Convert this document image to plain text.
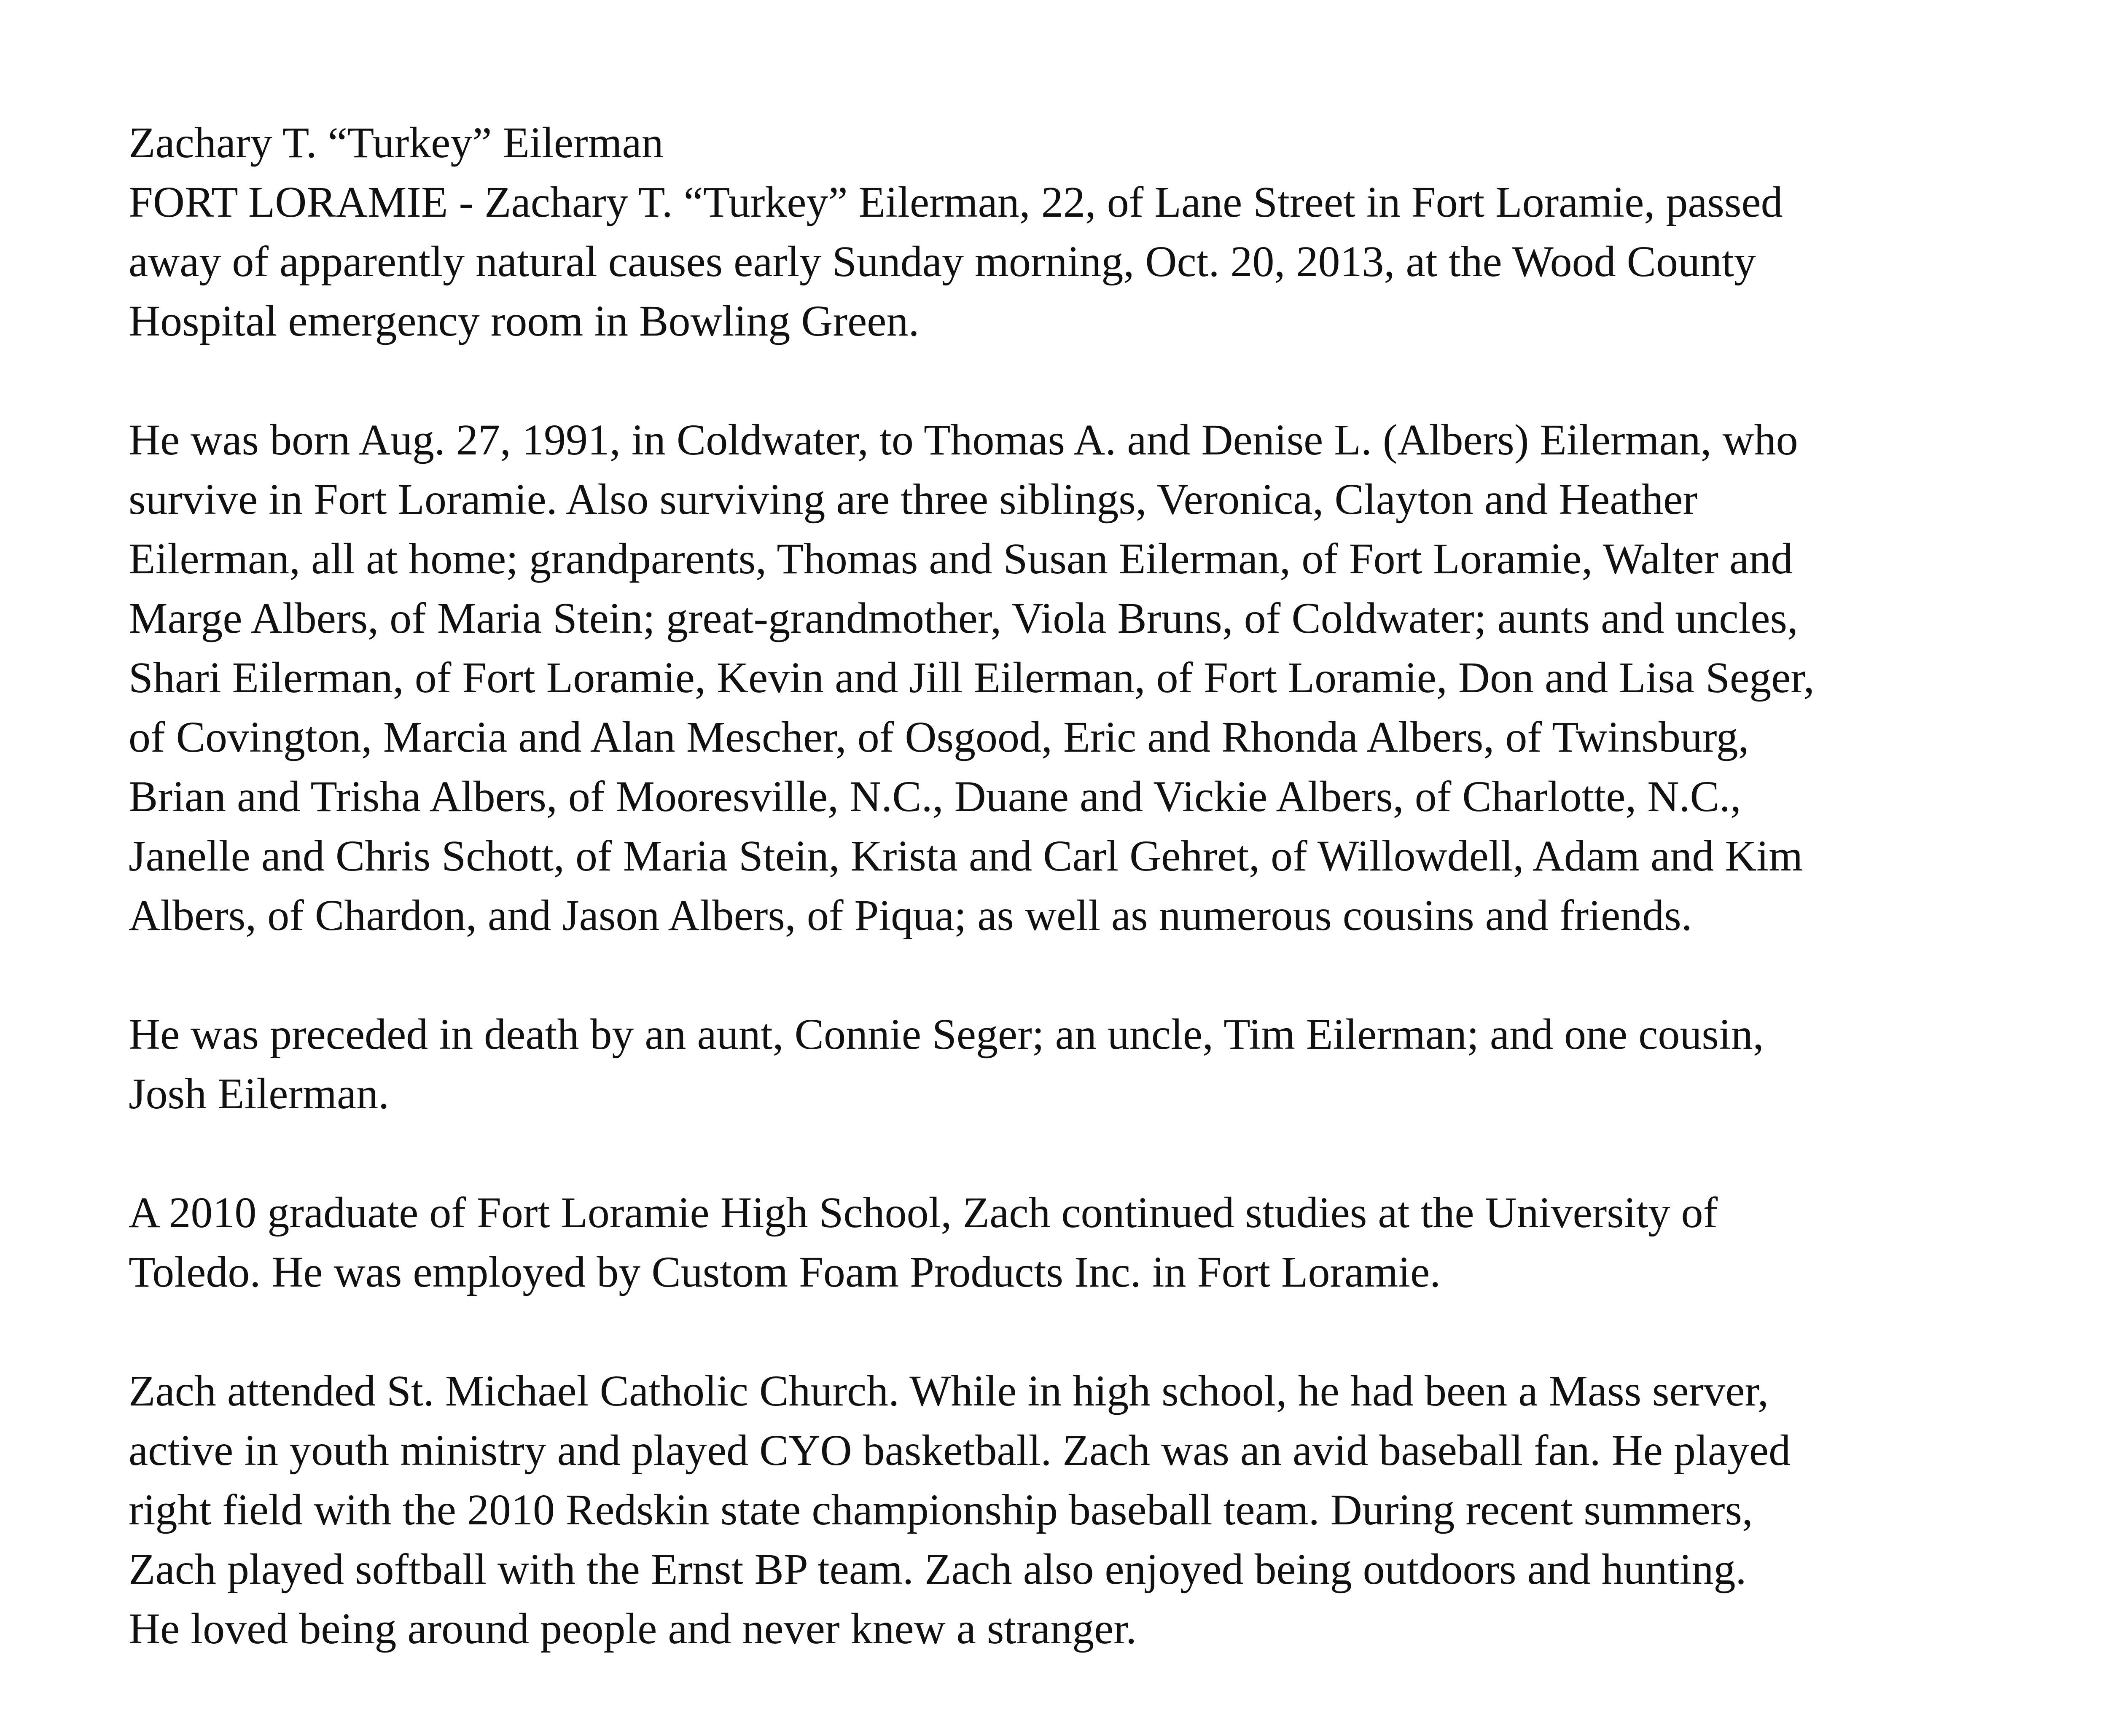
Zachary T. “Turkey” Eilerman
FORT LORAMIE - Zachary T. “Turkey” Eilerman, 22, of Lane Street in Fort Loramie, passed
away of apparently natural causes early Sunday morning, Oct. 20, 2013, at the Wood County
Hospital emergency room in Bowling Green.
He was born Aug. 27, 1991, in Coldwater, to Thomas A. and Denise L. (Albers) Eilerman, who
survive in Fort Loramie. Also surviving are three siblings, Veronica, Clayton and Heather
Eilerman, all at home; grandparents, Thomas and Susan Eilerman, of Fort Loramie, Walter and
Marge Albers, of Maria Stein; great-grandmother, Viola Bruns, of Coldwater; aunts and uncles,
Shari Eilerman, of Fort Loramie, Kevin and Jill Eilerman, of Fort Loramie, Don and Lisa Seger,
of Covington, Marcia and Alan Mescher, of Osgood, Eric and Rhonda Albers, of Twinsburg,
Brian and Trisha Albers, of Mooresville, N.C., Duane and Vickie Albers, of Charlotte, N.C.,
Janelle and Chris Schott, of Maria Stein, Krista and Carl Gehret, of Willowdell, Adam and Kim
Albers, of Chardon, and Jason Albers, of Piqua; as well as numerous cousins and friends.
He was preceded in death by an aunt, Connie Seger; an uncle, Tim Eilerman; and one cousin,
Josh Eilerman.
A 2010 graduate of Fort Loramie High School, Zach continued studies at the University of
Toledo. He was employed by Custom Foam Products Inc. in Fort Loramie.
Zach attended St. Michael Catholic Church. While in high school, he had been a Mass server,
active in youth ministry and played CYO basketball. Zach was an avid baseball fan. He played
right field with the 2010 Redskin state championship baseball team. During recent summers,
Zach played softball with the Ernst BP team. Zach also enjoyed being outdoors and hunting.
He loved being around people and never knew a stranger.
